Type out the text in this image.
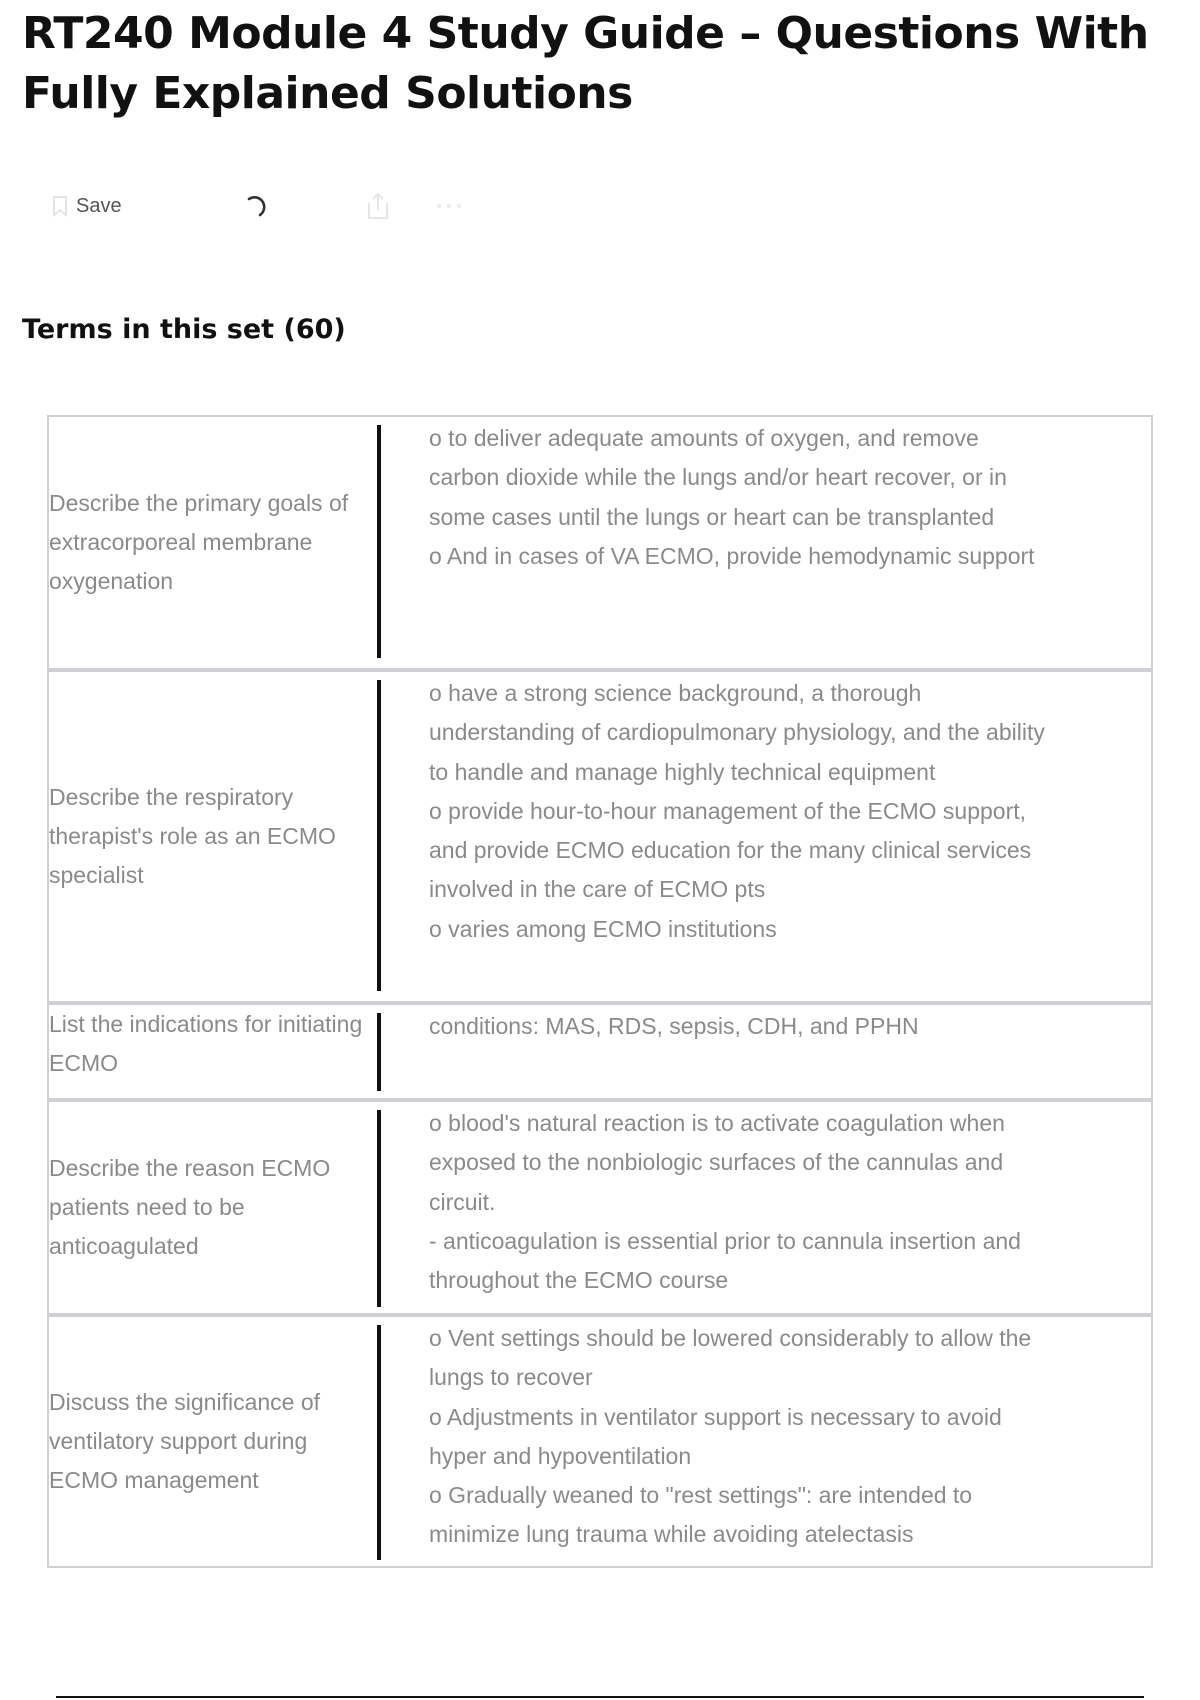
RT240 Module 4 Study Guide – Questions With Fully Explained Solutions
Save
Terms in this set (60)
Describe the primary goals of extracorporeal membrane oxygenation
o to deliver adequate amounts of oxygen, and remove carbon dioxide while the lungs and/or heart recover, or in some cases until the lungs or heart can be transplanted
o And in cases of VA ECMO, provide hemodynamic support
Describe the respiratory therapist's role as an ECMO specialist
o have a strong science background, a thorough understanding of cardiopulmonary physiology, and the ability to handle and manage highly technical equipment
o provide hour-to-hour management of the ECMO support, and provide ECMO education for the many clinical services involved in the care of ECMO pts
o varies among ECMO institutions
List the indications for initiating ECMO
conditions: MAS, RDS, sepsis, CDH, and PPHN
Describe the reason ECMO patients need to be anticoagulated
o blood's natural reaction is to activate coagulation when exposed to the nonbiologic surfaces of the cannulas and circuit.
- anticoagulation is essential prior to cannula insertion and throughout the ECMO course
Discuss the significance of ventilatory support during ECMO management
o Vent settings should be lowered considerably to allow the lungs to recover
o Adjustments in ventilator support is necessary to avoid hyper and hypoventilation
o Gradually weaned to "rest settings": are intended to minimize lung trauma while avoiding atelectasis
